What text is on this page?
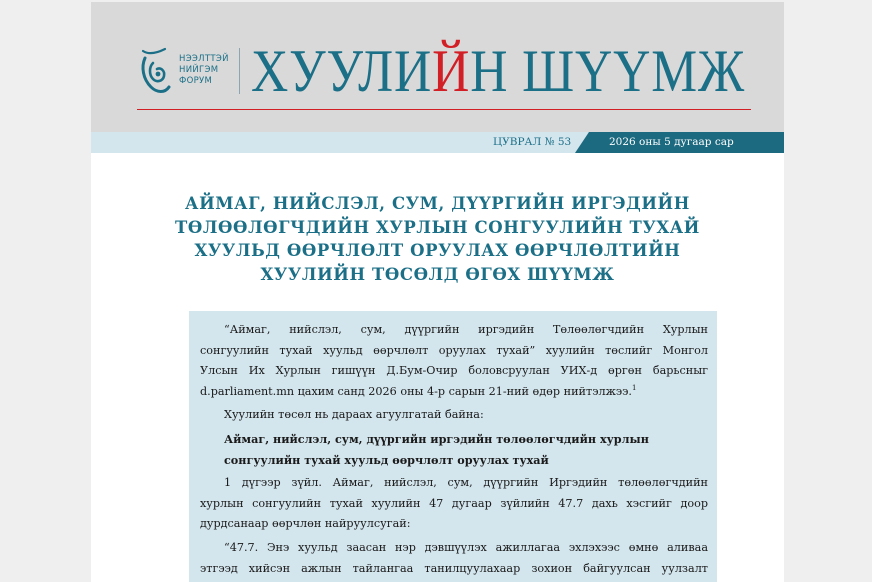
НЭЭЛТТЭЙ
НИЙГЭМ
ФОРУМ ХУУЛИЙН ШҮҮМЖ
ЦУВРАЛ № 53	2026 оны 5 дугаар сар
АЙМАГ, НИЙСЛЭЛ, СУМ, ДҮҮРГИЙН ИРГЭДИЙН
ТӨЛӨӨЛӨГЧДИЙН ХУРЛЫН СОНГУУЛИЙН ТУХАЙ
ХУУЛЬД ӨӨРЧЛӨЛТ ОРУУЛАХ ӨӨРЧЛӨЛТИЙН
ХУУЛИЙН ТӨСӨЛД ӨГӨХ ШҮҮМЖ
“Аймаг, нийслэл, сум, дүүргийн иргэдийн Төлөөлөгчдийн Хурлын
сонгуулийн тухай хуульд өөрчлөлт оруулах тухай” хуулийн төслийг Монгол
Улсын Их Хурлын гишүүн Д.Бум-Очир боловсруулан УИХ-д өргөн барьсныг
d.parliament.mn цахим санд 2026 оны 4-р сарын 21-ний өдөр нийтэлжээ.$^1$
Хуулийн төсөл нь дараах агуулгатай байна:
Аймаг, нийслэл, сум, дүүргийн иргэдийн төлөөлөгчдийн хурлын
сонгуулийн тухай хуульд өөрчлөлт оруулах тухай
1 дүгээр зүйл. Аймаг, нийслэл, сум, дүүргийн Иргэдийн төлөөлөгчдийн
хурлын сонгуулийн тухай хуулийн 47 дугаар зүйлийн 47.7 дахь хэсгийг доор
дурдсанаар өөрчлөн найруулсугай:
“47.7. Энэ хуульд заасан нэр дэвшүүлэх ажиллагаа эхлэхээс өмнө аливаа
этгээд хийсэн ажлын тайлангаа танилцуулахаар зохион байгуулсан уулзалт
